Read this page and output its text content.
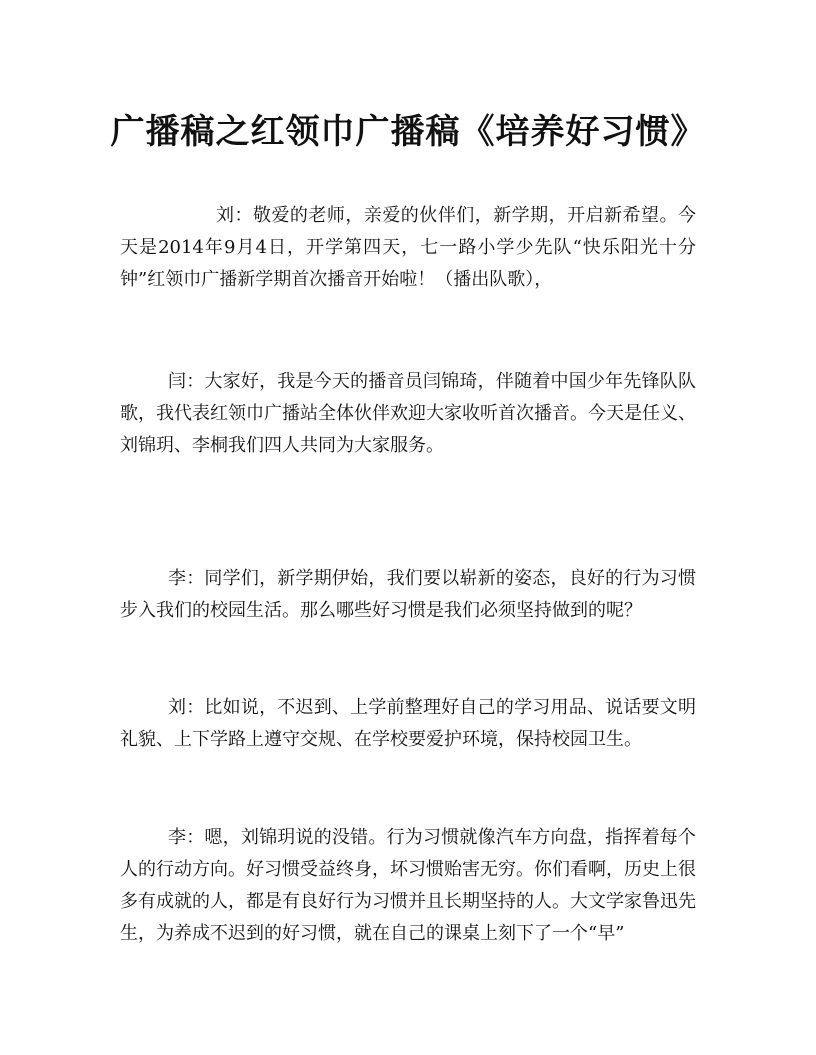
广播稿之红领巾广播稿《培养好习惯》

刘：敬爱的老师，亲爱的伙伴们，新学期，开启新希望。今天是2014年9月4日，开学第四天，七一路小学少先队“快乐阳光十分钟”红领巾广播新学期首次播音开始啦！（播出队歌），

闫：大家好，我是今天的播音员闫锦琦，伴随着中国少年先锋队队歌，我代表红领巾广播站全体伙伴欢迎大家收听首次播音。今天是任义、刘锦玥、李桐我们四人共同为大家服务。

李：同学们，新学期伊始，我们要以崭新的姿态，良好的行为习惯步入我们的校园生活。那么哪些好习惯是我们必须坚持做到的呢？

刘：比如说，不迟到、上学前整理好自己的学习用品、说话要文明礼貌、上下学路上遵守交规、在学校要爱护环境，保持校园卫生。

李：嗯，刘锦玥说的没错。行为习惯就像汽车方向盘，指挥着每个人的行动方向。好习惯受益终身，坏习惯贻害无穷。你们看啊，历史上很多有成就的人，都是有良好行为习惯并且长期坚持的人。大文学家鲁迅先生，为养成不迟到的好习惯，就在自己的课桌上刻下了一个“早”
